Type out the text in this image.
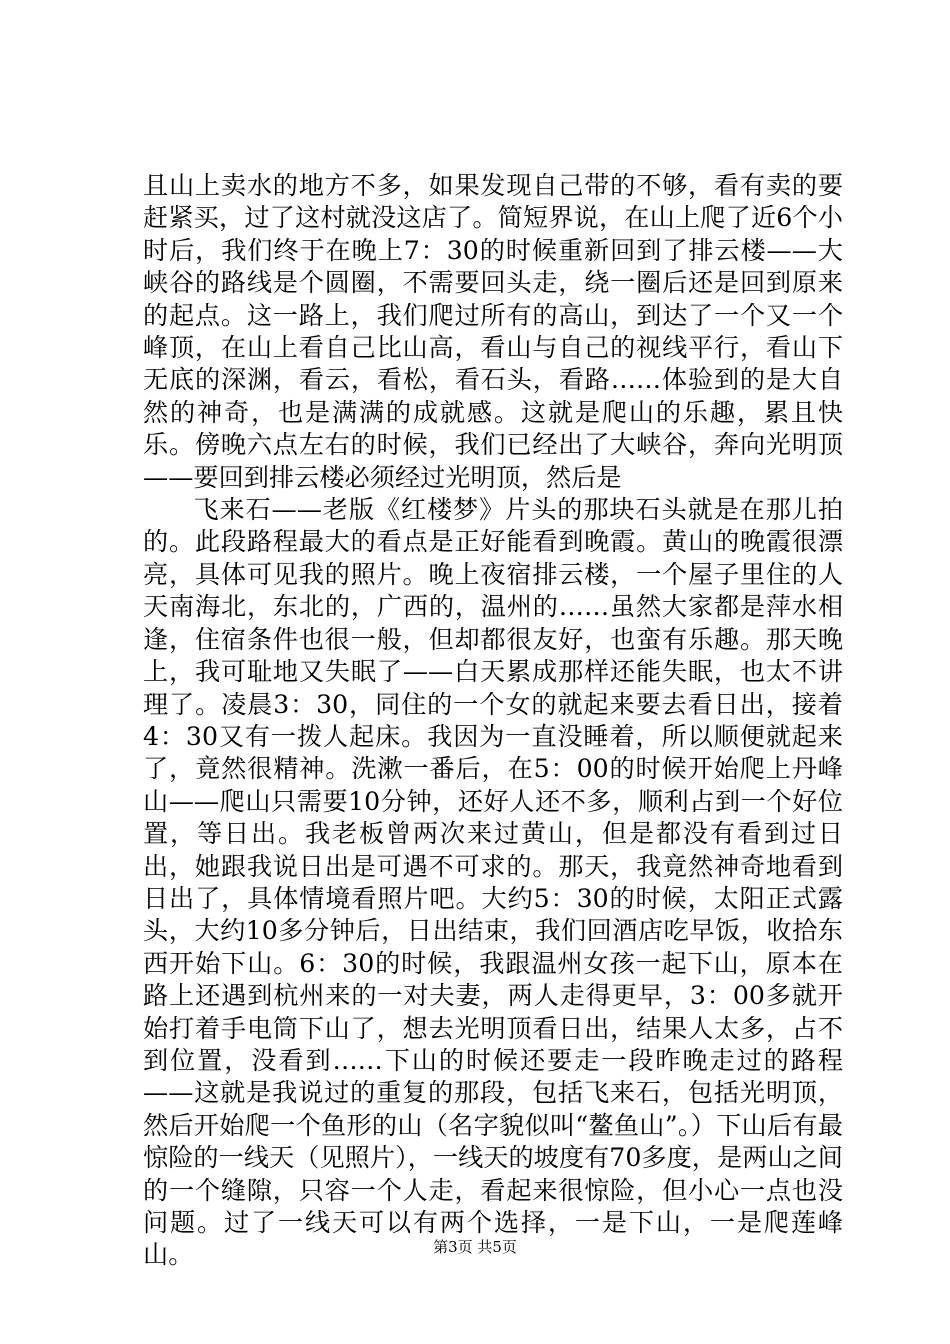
且山上卖水的地方不多，如果发现自己带的不够，看有卖的要赶紧买，过了这村就没这店了。简短界说，在山上爬了近6个小时后，我们终于在晚上7：30的时候重新回到了排云楼——大峡谷的路线是个圆圈，不需要回头走，绕一圈后还是回到原来的起点。这一路上，我们爬过所有的高山，到达了一个又一个峰顶，在山上看自己比山高，看山与自己的视线平行，看山下无底的深渊，看云，看松，看石头，看路……体验到的是大自然的神奇，也是满满的成就感。这就是爬山的乐趣，累且快乐。傍晚六点左右的时候，我们已经出了大峡谷，奔向光明顶——要回到排云楼必须经过光明顶，然后是

飞来石——老版《红楼梦》片头的那块石头就是在那儿拍的。此段路程最大的看点是正好能看到晚霞。黄山的晚霞很漂亮，具体可见我的照片。晚上夜宿排云楼，一个屋子里住的人天南海北，东北的，广西的，温州的……虽然大家都是萍水相逢，住宿条件也很一般，但却都很友好，也蛮有乐趣。那天晚上，我可耻地又失眠了——白天累成那样还能失眠，也太不讲理了。凌晨3：30，同住的一个女的就起来要去看日出，接着4：30又有一拨人起床。我因为一直没睡着，所以顺便就起来了，竟然很精神。洗漱一番后，在5：00的时候开始爬上丹峰山——爬山只需要10分钟，还好人还不多，顺利占到一个好位置，等日出。我老板曾两次来过黄山，但是都没有看到过日出，她跟我说日出是可遇不可求的。那天，我竟然神奇地看到日出了，具体情境看照片吧。大约5：30的时候，太阳正式露头，大约10多分钟后，日出结束，我们回酒店吃早饭，收拾东西开始下山。6：30的时候，我跟温州女孩一起下山，原本在路上还遇到杭州来的一对夫妻，两人走得更早，3：00多就开始打着手电筒下山了，想去光明顶看日出，结果人太多，占不到位置，没看到……下山的时候还要走一段昨晚走过的路程——这就是我说过的重复的那段，包括飞来石，包括光明顶，然后开始爬一个鱼形的山（名字貌似叫“鳌鱼山”。）下山后有最惊险的一线天（见照片），一线天的坡度有70多度，是两山之间的一个缝隙，只容一个人走，看起来很惊险，但小心一点也没问题。过了一线天可以有两个选择，一是下山，一是爬莲峰山。	第3页 共5页
